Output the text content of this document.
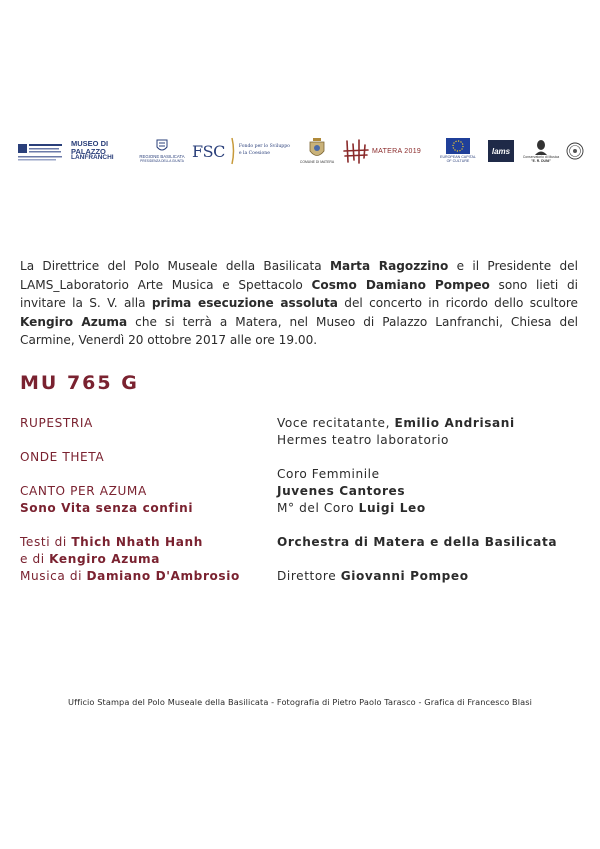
MUSEO DI
PALAZZO
LANFRANCHI	REGIONE BASILICATA
PRESIDENZA DELLA GIUNTA
FSC	Fondo per lo Sviluppo
e la Coesione
COMUNE DI MATERA
MATERA 2019
EUROPEAN CAPITAL
OF CULTURE
lams
Conservatorio di Musica
"E. R. DUNI"
La Direttrice del Polo Museale della Basilicata Marta Ragozzino e il Presidente del LAMS_Laboratorio Arte Musica e Spettacolo Cosmo Damiano Pompeo sono lieti di invitare la S. V. alla prima esecuzione assoluta del concerto in ricordo dello scultore Kengiro Azuma che si terrà a Matera, nel Museo di Palazzo Lanfranchi, Chiesa del Carmine, Venerdì 20 ottobre 2017 alle ore 19.00.
MU 765 G
RUPESTRIA
ONDE THETA
CANTO PER AZUMA
Sono Vita senza confini
Testi di Thich Nhath Hanh
e di Kengiro Azuma
Musica di Damiano D'Ambrosio
Voce recitatante, Emilio Andrisani
Hermes teatro laboratorio
Coro Femminile
Juvenes Cantores
M° del Coro Luigi Leo
Orchestra di Matera e della Basilicata
Direttore Giovanni Pompeo
Ufficio Stampa del Polo Museale della Basilicata - Fotografia di Pietro Paolo Tarasco - Grafica di Francesco Blasi
